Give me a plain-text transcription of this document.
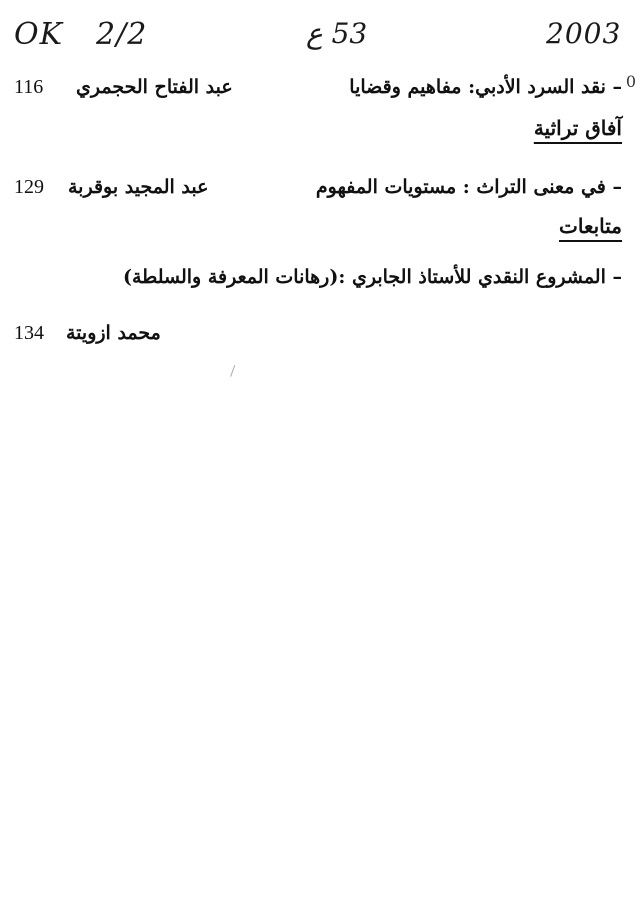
OK 2/2	53 ع	2003
0
– نقد السرد الأدبي: مفاهيم وقضايا
عبد الفتاح الحجمري
116
آفاق تراثية
– في معنى التراث : مستويات المفهوم
عبد المجيد بوقربة
129
متابعات
– المشروع النقدي للأستاذ الجابري :(رهانات المعرفة والسلطة)
محمد ازويتة
134
